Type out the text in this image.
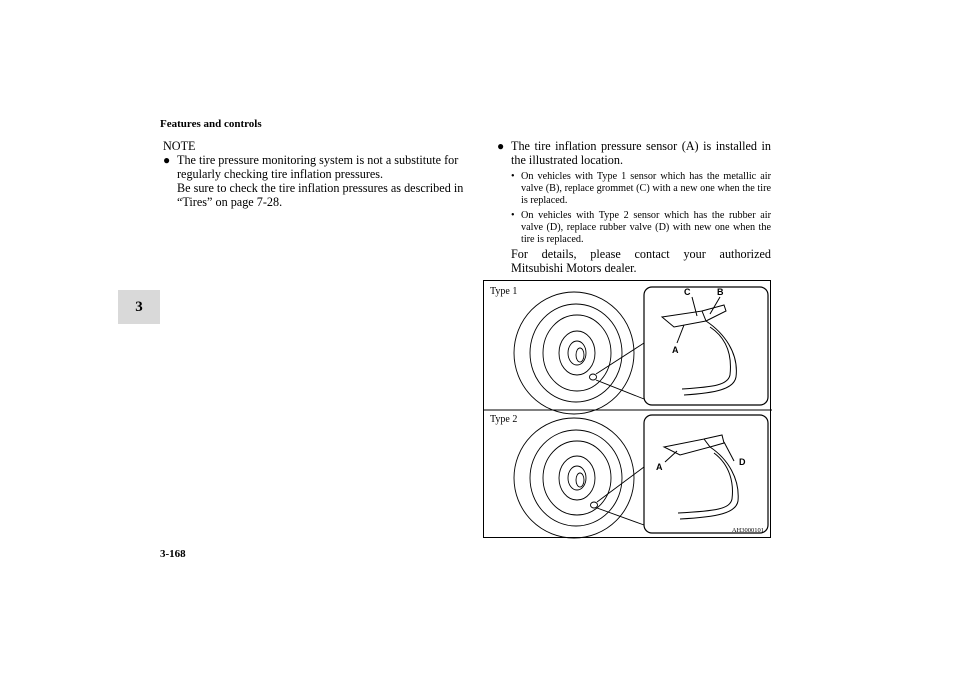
Features and controls
3
NOTE
● The tire pressure monitoring system is not a substitute for regularly checking tire inflation pressures.
Be sure to check the tire inflation pressures as described in “Tires” on page 7-28.
● The tire inflation pressure sensor (A) is installed in the illustrated location.
• On vehicles with Type 1 sensor which has the metallic air valve (B), replace grommet (C) with a new one when the tire is replaced.
• On vehicles with Type 2 sensor which has the rubber air valve (D), replace rubber valve (D) with new one when the tire is replaced.
For details, please contact your authorized Mitsubishi Motors dealer.
Type 1
Type 2
C	B
A
A	D
AH3000101
3-168
